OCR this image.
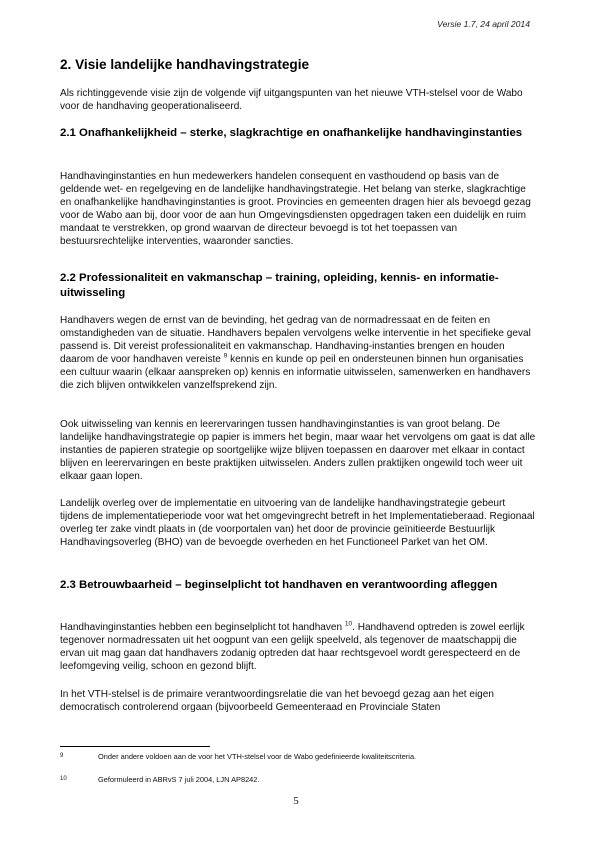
Versie 1.7, 24 april 2014
2. Visie landelijke handhavingstrategie

Als richtinggevende visie zijn de volgende vijf uitgangspunten van het nieuwe VTH-stelsel voor de Wabo voor de handhaving geoperationaliseerd.

2.1 Onafhankelijkheid – sterke, slagkrachtige en onafhankelijke handhavinginstanties

Handhavinginstanties en hun medewerkers handelen consequent en vasthoudend op basis van de geldende wet- en regelgeving en de landelijke handhavingstrategie. Het belang van sterke, slagkrachtige en onafhankelijke handhavinginstanties is groot. Provincies en gemeenten dragen hier als bevoegd gezag voor de Wabo aan bij, door voor de aan hun Omgevingsdiensten opgedragen taken een duidelijk en ruim mandaat te verstrekken, op grond waarvan de directeur bevoegd is tot het toepassen van bestuursrechtelijke interventies, waaronder sancties.

2.2 Professionaliteit en vakmanschap – training, opleiding, kennis- en informatie-uitwisseling

Handhavers wegen de ernst van de bevinding, het gedrag van de normadressaat en de feiten en omstandigheden van de situatie. Handhavers bepalen vervolgens welke interventie in het specifieke geval passend is. Dit vereist professionaliteit en vakmanschap. Handhaving-instanties brengen en houden daarom de voor handhaven vereiste $^9$ kennis en kunde op peil en ondersteunen binnen hun organisaties een cultuur waarin (elkaar aanspreken op) kennis en informatie uitwisselen, samenwerken en handhavers die zich blijven ontwikkelen vanzelfsprekend zijn.

Ook uitwisseling van kennis en leerervaringen tussen handhavinginstanties is van groot belang. De landelijke handhavingstrategie op papier is immers het begin, maar waar het vervolgens om gaat is dat alle instanties de papieren strategie op soortgelijke wijze blijven toepassen en daarover met elkaar in contact blijven en leerervaringen en beste praktijken uitwisselen. Anders zullen praktijken ongewild toch weer uit elkaar gaan lopen.

Landelijk overleg over de implementatie en uitvoering van de landelijke handhavingstrategie gebeurt tijdens de implementatieperiode voor wat het omgevingrecht betreft in het Implementatieberaad. Regionaal overleg ter zake vindt plaats in (de voorportalen van) het door de provincie geïnitieerde Bestuurlijk Handhavingsoverleg (BHO) van de bevoegde overheden en het Functioneel Parket van het OM.

2.3 Betrouwbaarheid – beginselplicht tot handhaven en verantwoording afleggen

Handhavinginstanties hebben een beginselplicht tot handhaven $^{10}$. Handhavend optreden is zowel eerlijk tegenover normadressaten uit het oogpunt van een gelijk speelveld, als tegenover de maatschappij die ervan uit mag gaan dat handhavers zodanig optreden dat haar rechtsgevoel wordt gerespecteerd en de leefomgeving veilig, schoon en gezond blijft.

In het VTH-stelsel is de primaire verantwoordingsrelatie die van het bevoegd gezag aan het eigen democratisch controlerend orgaan (bijvoorbeeld Gemeenteraad en Provinciale Staten

9	Onder andere voldoen aan de voor het VTH-stelsel voor de Wabo gedefinieerde kwaliteitscriteria.
10	Geformuleerd in ABRvS 7 juli 2004, LJN AP8242.
5
